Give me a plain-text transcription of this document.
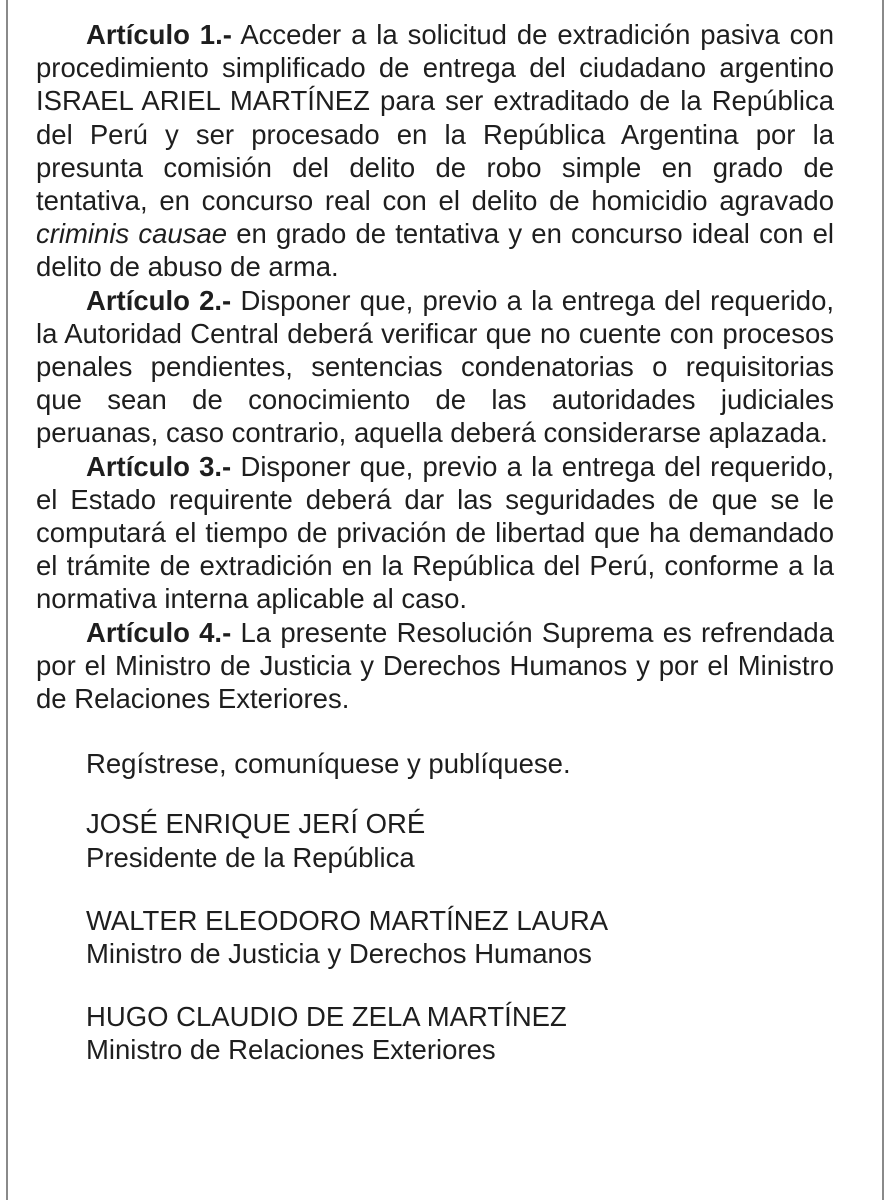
Artículo 1.- Acceder a la solicitud de extradición pasiva con procedimiento simplificado de entrega del ciudadano argentino ISRAEL ARIEL MARTÍNEZ para ser extraditado de la República del Perú y ser procesado en la República Argentina por la presunta comisión del delito de robo simple en grado de tentativa, en concurso real con el delito de homicidio agravado criminis causae en grado de tentativa y en concurso ideal con el delito de abuso de arma.

Artículo 2.- Disponer que, previo a la entrega del requerido, la Autoridad Central deberá verificar que no cuente con procesos penales pendientes, sentencias condenatorias o requisitorias que sean de conocimiento de las autoridades judiciales peruanas, caso contrario, aquella deberá considerarse aplazada.

Artículo 3.- Disponer que, previo a la entrega del requerido, el Estado requirente deberá dar las seguridades de que se le computará el tiempo de privación de libertad que ha demandado el trámite de extradición en la República del Perú, conforme a la normativa interna aplicable al caso.

Artículo 4.- La presente Resolución Suprema es refrendada por el Ministro de Justicia y Derechos Humanos y por el Ministro de Relaciones Exteriores.

Regístrese, comuníquese y publíquese.

JOSÉ ENRIQUE JERÍ ORÉ
Presidente de la República
WALTER ELEODORO MARTÍNEZ LAURA
Ministro de Justicia y Derechos Humanos
HUGO CLAUDIO DE ZELA MARTÍNEZ
Ministro de Relaciones Exteriores
